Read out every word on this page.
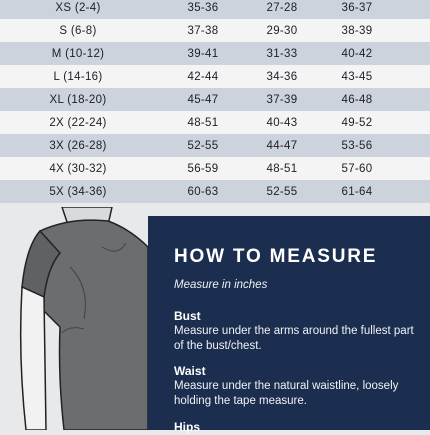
XS (2-4)	35-36	27-28	36-37
S (6-8)	37-38	29-30	38-39
M (10-12)	39-41	31-33	40-42
L (14-16)	42-44	34-36	43-45
XL (18-20)	45-47	37-39	46-48
2X (22-24)	48-51	40-43	49-52
3X (26-28)	52-55	44-47	53-56
4X (30-32)	56-59	48-51	57-60
5X (34-36)	60-63	52-55	61-64
HOW TO MEASURE
Measure in inches
Bust
Measure under the arms around the fullest part of the bust/chest.
Waist
Measure under the natural waistline, loosely holding the tape measure.
Hips
